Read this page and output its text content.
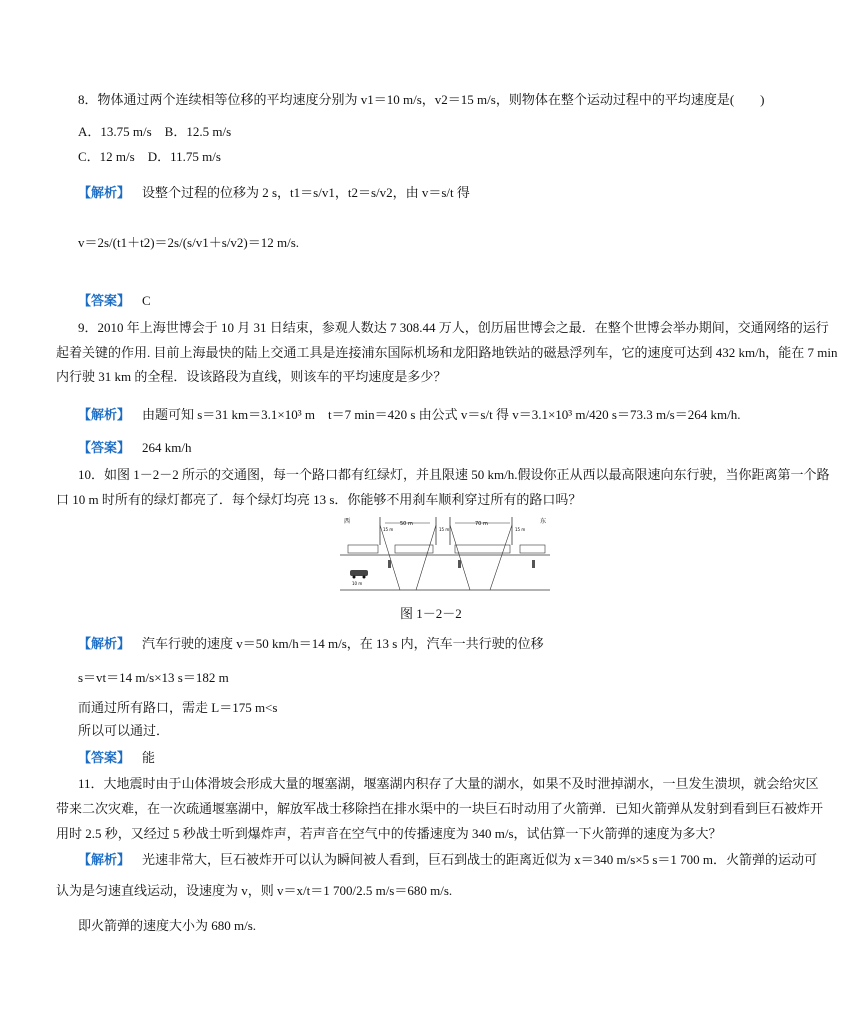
8．物体通过两个连续相等位移的平均速度分别为 v1＝10 m/s，v2＝15 m/s，则物体在整个运动过程中的平均速度是(　　)
A．13.75 m/s　B．12.5 m/s
C．12 m/s　D．11.75 m/s
【解析】 设整个过程的位移为 2 s，t1＝s/v1，t2＝s/v2，由 v＝s/t 得
v＝2s/(t1＋t2)＝2s/(s/v1＋s/v2)＝12 m/s.
【答案】 C
9．2010 年上海世博会于 10 月 31 日结束，参观人数达 7 308.44 万人，创历届世博会之最．在整个世博会举办期间，交通网络的运行
起着关键的作用. 目前上海最快的陆上交通工具是连接浦东国际机场和龙阳路地铁站的磁悬浮列车，它的速度可达到 432 km/h，能在 7 min
内行驶 31 km 的全程．设该路段为直线，则该车的平均速度是多少？
【解析】 由题可知 s＝31 km＝3.1×10³ m　t＝7 min＝420 s 由公式 v＝s/t 得 v＝3.1×10³ m/420 s＝73.3 m/s＝264 km/h.
【答案】 264 km/h
10．如图 1－2－2 所示的交通图，每一个路口都有红绿灯，并且限速 50 km/h.假设你正从西以最高限速向东行驶，当你距离第一个路
口 10 m 时所有的绿灯都亮了．每个绿灯均亮 13 s．你能够不用刹车顺利穿过所有的路口吗？
西	东
50 m	70 m
15 m	15 m	15 m
10 m
图 1－2－2
【解析】 汽车行驶的速度 v＝50 km/h＝14 m/s，在 13 s 内，汽车一共行驶的位移
s＝vt＝14 m/s×13 s＝182 m
而通过所有路口，需走 L＝175 m<s
所以可以通过．
【答案】 能
11．大地震时由于山体滑坡会形成大量的堰塞湖，堰塞湖内积存了大量的湖水，如果不及时泄掉湖水，一旦发生溃坝，就会给灾区
带来二次灾难，在一次疏通堰塞湖中，解放军战士移除挡在排水渠中的一块巨石时动用了火箭弹．已知火箭弹从发射到看到巨石被炸开
用时 2.5 秒，又经过 5 秒战士听到爆炸声，若声音在空气中的传播速度为 340 m/s，试估算一下火箭弹的速度为多大？
【解析】 光速非常大，巨石被炸开可以认为瞬间被人看到，巨石到战士的距离近似为 x＝340 m/s×5 s＝1 700 m．火箭弹的运动可
认为是匀速直线运动，设速度为 v，则 v＝x/t＝1 700/2.5 m/s＝680 m/s.
即火箭弹的速度大小为 680 m/s.
